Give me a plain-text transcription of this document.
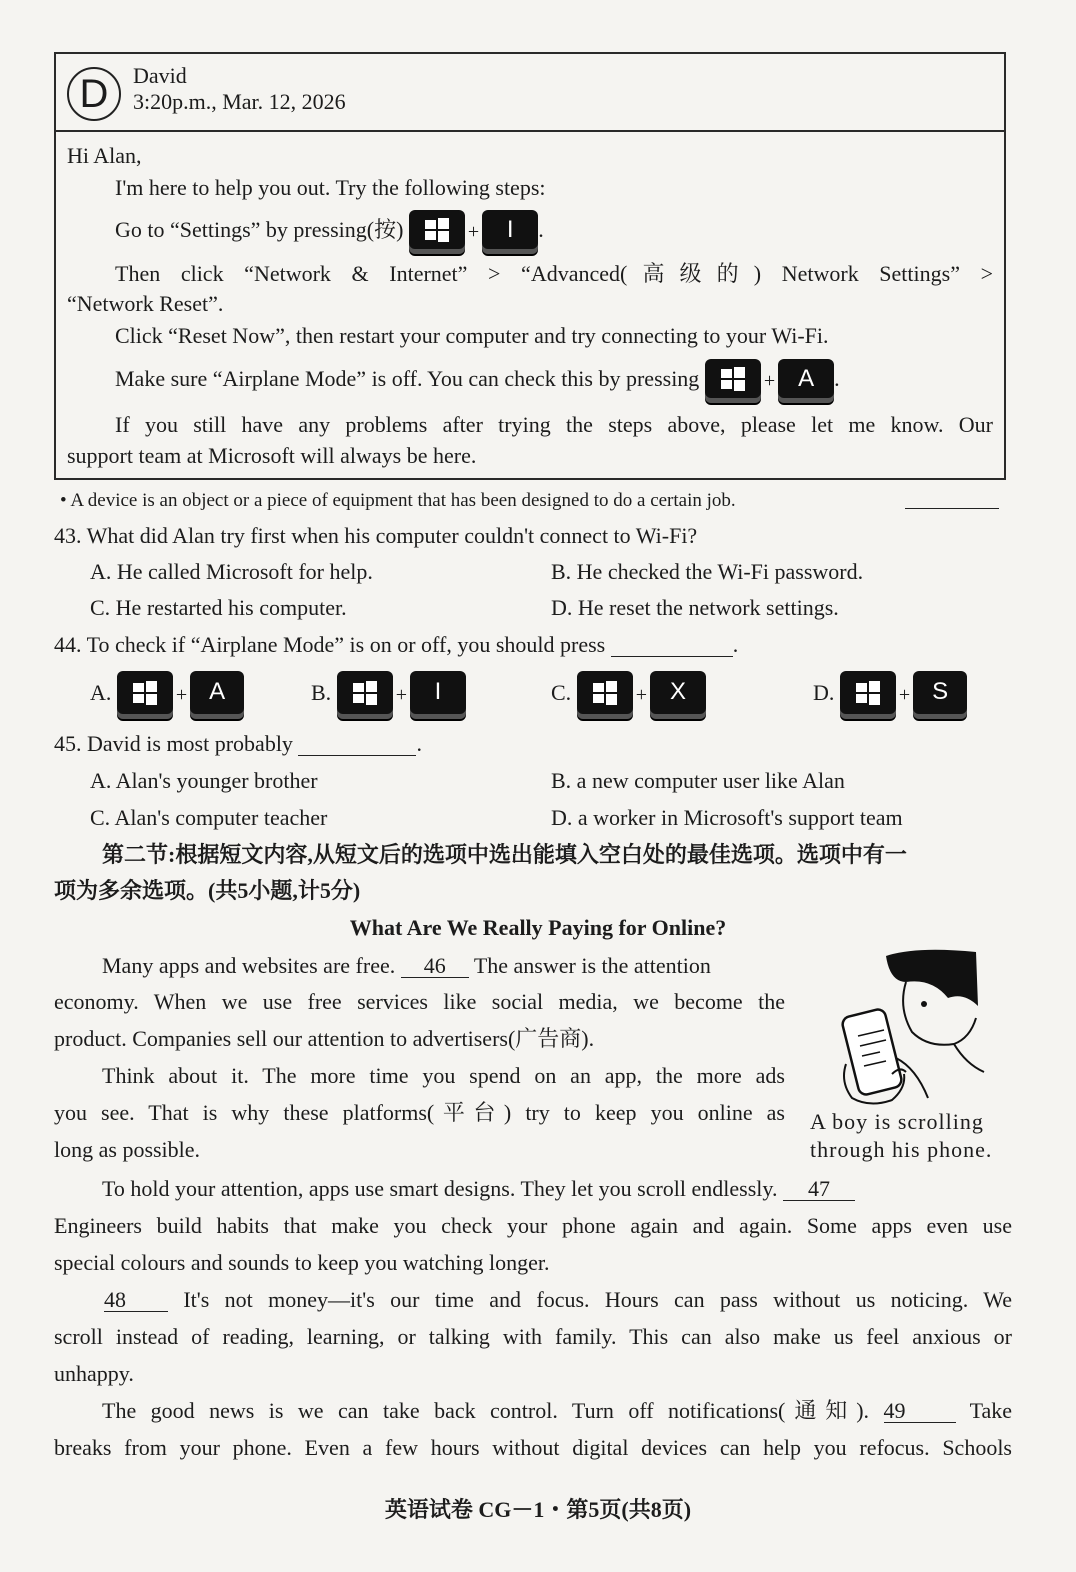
D	David
3:20p.m., Mar. 12, 2026
Hi Alan,
I'm here to help you out. Try the following steps:
Go to “Settings” by pressing(按)	+ I .
Then click “Network & Internet” > “Advanced(高级的) Network Settings” >
“Network Reset”.
Click “Reset Now”, then restart your computer and try connecting to your Wi-Fi.
Make sure “Airplane Mode” is off. You can check this by pressing	+ A .
If you still have any problems after trying the steps above, please let me know. Our
support team at Microsoft will always be here.
• A device is an object or a piece of equipment that has been designed to do a certain job.
43. What did Alan try first when his computer couldn't connect to Wi-Fi?
A. He called Microsoft for help.	B. He checked the Wi-Fi password.
C. He restarted his computer.	D. He reset the network settings.
44. To check if “Airplane Mode” is on or off, you should press	.
A.	+ A	B.	+ I	C.	+ X	D.	+ S
45. David is most probably	.
A. Alan's younger brother	B. a new computer user like Alan
C. Alan's computer teacher	D. a worker in Microsoft's support team
第二节:根据短文内容,从短文后的选项中选出能填入空白处的最佳选项。选项中有一
项为多余选项。(共5小题,计5分)
What Are We Really Paying for Online?
Many apps and websites are free. 46 The answer is the attention
economy. When we use free services like social media, we become the
product. Companies sell our attention to advertisers(广告商).
Think about it. The more time you spend on an app, the more ads
you see. That is why these platforms(平台) try to keep you online as
long as possible.
A boy is scrolling
through his phone.
To hold your attention, apps use smart designs. They let you scroll endlessly. 47
Engineers build habits that make you check your phone again and again. Some apps even use
special colours and sounds to keep you watching longer.
48	It's not money—it's our time and focus. Hours can pass without us noticing. We
scroll instead of reading, learning, or talking with family. This can also make us feel anxious or
unhappy.
The good news is we can take back control. Turn off notifications(通知). 49	Take
breaks from your phone. Even a few hours without digital devices can help you refocus. Schools
英语试卷 CG－1・第5页(共8页)
